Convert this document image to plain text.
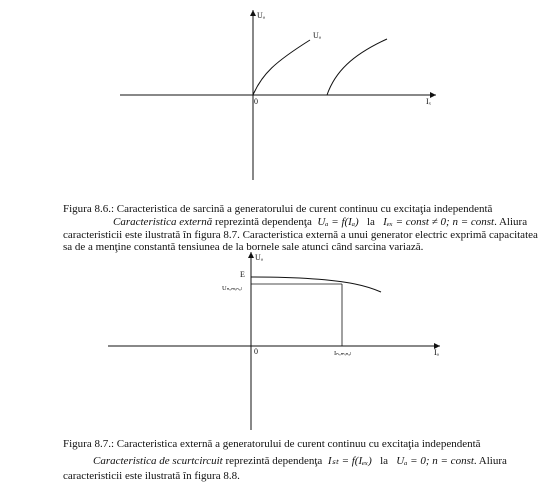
Uₐ
Iₓ
0
Uₐ
Uₐ
Iₐ
0
E
Uₙₒₘᵢₙₐₗ
Iₙₒₘᵢₙₐₗ
Figura 8.6.: Caracteristica de sarcină a generatorului de curent continuu cu excitaţia independentă
Caracteristica externă reprezintă dependenţa Uₐ = f(Iₐ) la Iₑₓ = const ≠ 0; n = const. Aliura
caracteristicii este ilustrată în figura 8.7. Caracteristica externă a unui generator electric exprimă capacitatea
sa de a menţine constantă tensiunea de la bornele sale atunci când sarcina variază.
Figura 8.7.: Caracteristica externă a generatorului de curent continuu cu excitaţia independentă
Caracteristica de scurtcircuit reprezintă dependenţa Iₛₜ = f(Iₑₓ) la Uₐ = 0; n = const. Aliura
caracteristicii este ilustrată în figura 8.8.
